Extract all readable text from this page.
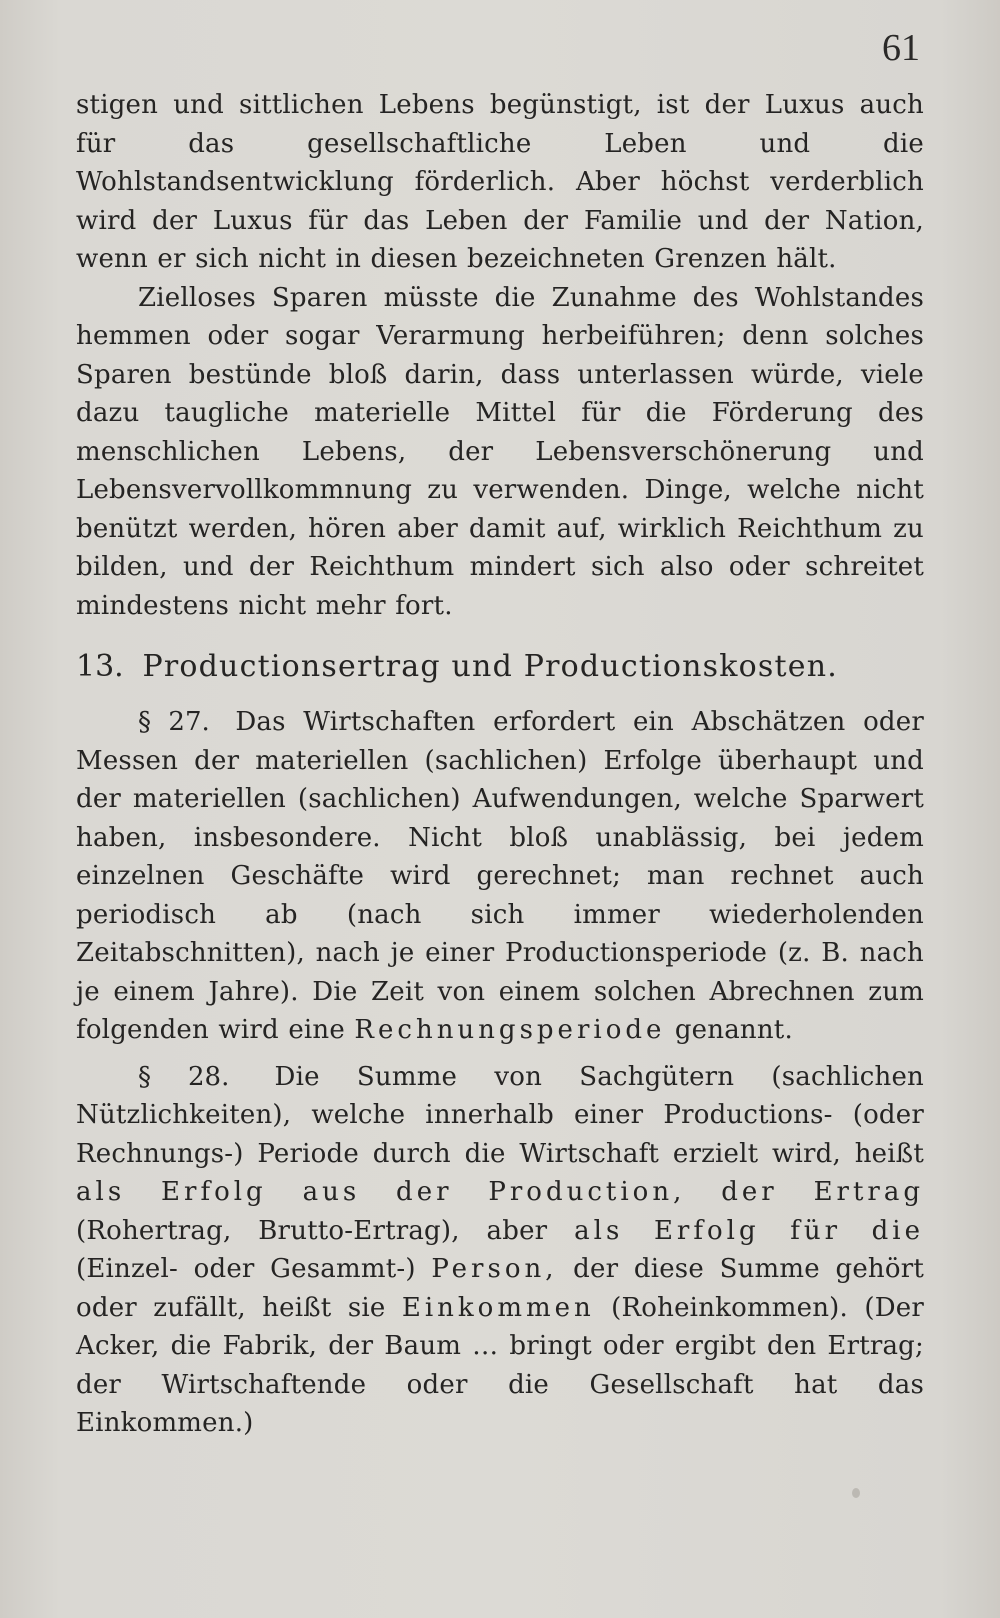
61

stigen und sittlichen Lebens begünstigt, ist der Luxus auch für das gesellschaftliche Leben und die Wohlstandsentwicklung förderlich. Aber höchst verderblich wird der Luxus für das Leben der Familie und der Nation, wenn er sich nicht in diesen bezeichneten Grenzen hält.

Zielloses Sparen müsste die Zunahme des Wohlstandes hemmen oder sogar Verarmung herbeiführen; denn solches Sparen bestünde bloß darin, dass unterlassen würde, viele dazu taugliche materielle Mittel für die Förderung des menschlichen Lebens, der Lebensverschönerung und Lebensvervollkommnung zu verwenden. Dinge, welche nicht benützt werden, hören aber damit auf, wirklich Reichthum zu bilden, und der Reichthum mindert sich also oder schreitet mindestens nicht mehr fort.

13. Productionsertrag und Productionskosten.

§ 27. Das Wirtschaften erfordert ein Abschätzen oder Messen der materiellen (sachlichen) Erfolge überhaupt und der materiellen (sachlichen) Aufwendungen, welche Sparwert haben, insbesondere. Nicht bloß unablässig, bei jedem einzelnen Geschäfte wird gerechnet; man rechnet auch periodisch ab (nach sich immer wiederholenden Zeitabschnitten), nach je einer Productionsperiode (z. B. nach je einem Jahre). Die Zeit von einem solchen Abrechnen zum folgenden wird eine Rechnungsperiode genannt.

§ 28. Die Summe von Sachgütern (sachlichen Nützlichkeiten), welche innerhalb einer Productions- (oder Rechnungs-) Periode durch die Wirtschaft erzielt wird, heißt als Erfolg aus der Production, der Ertrag (Rohertrag, Brutto-Ertrag), aber als Erfolg für die (Einzel- oder Gesammt-) Person, der diese Summe gehört oder zufällt, heißt sie Einkommen (Roheinkommen). (Der Acker, die Fabrik, der Baum … bringt oder ergibt den Ertrag; der Wirtschaftende oder die Gesellschaft hat das Einkommen.)
